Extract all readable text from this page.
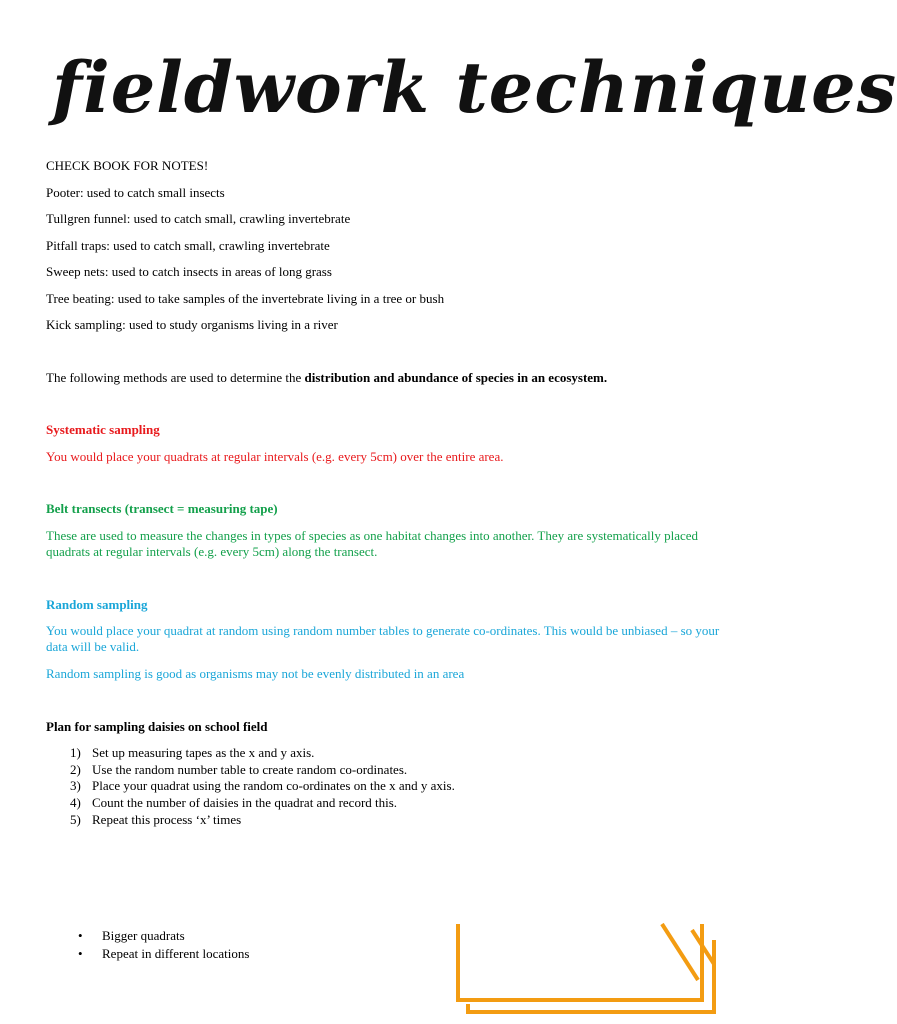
fieldwork techniques
CHECK BOOK FOR NOTES!
Pooter: used to catch small insects
Tullgren funnel: used to catch small, crawling invertebrate
Pitfall traps: used to catch small, crawling invertebrate
Sweep nets: used to catch insects in areas of long grass
Tree beating: used to take samples of the invertebrate living in a tree or bush
Kick sampling: used to study organisms living in a river
The following methods are used to determine the distribution and abundance of species in an ecosystem.
Systematic sampling
You would place your quadrats at regular intervals (e.g. every 5cm) over the entire area.
Belt transects (transect = measuring tape)
These are used to measure the changes in types of species as one habitat changes into another. They are systematically placed quadrats at regular intervals (e.g. every 5cm) along the transect.
Random sampling
You would place your quadrat at random using random number tables to generate co-ordinates. This would be unbiased – so your data will be valid.
Random sampling is good as organisms may not be evenly distributed in an area
Plan for sampling daisies on school field
1) Set up measuring tapes as the x and y axis.
2) Use the random number table to create random co-ordinates.
3) Place your quadrat using the random co-ordinates on the x and y axis.
4) Count the number of daisies in the quadrat and record this.
5) Repeat this process ‘x’ times
•	Bigger quadrats
•	Repeat in different locations
